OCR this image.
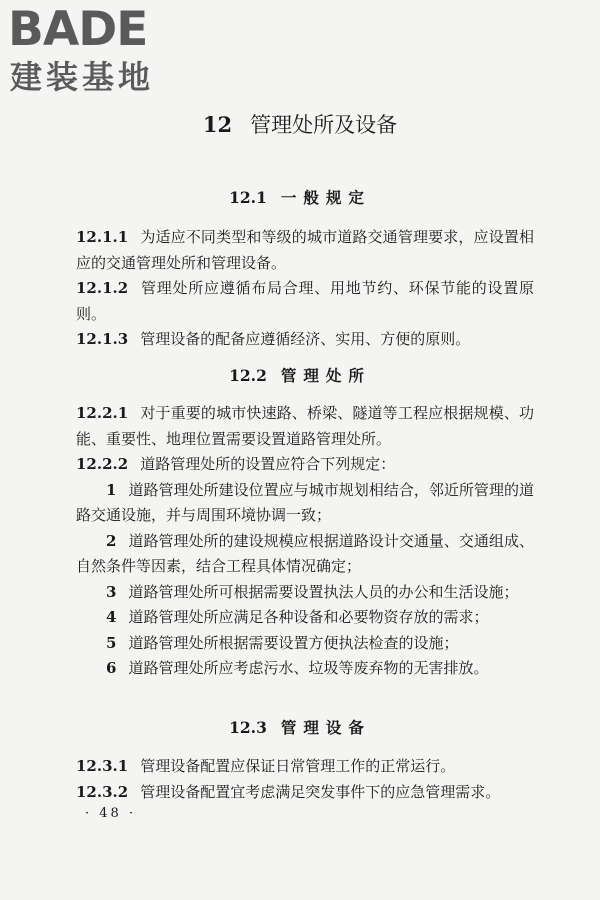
BADE
建装基地
12 管理处所及设备
12.1 一般规定

12.1.1 为适应不同类型和等级的城市道路交通管理要求，应设置相应的交通管理处所和管理设备。

12.1.2 管理处所应遵循布局合理、用地节约、环保节能的设置原则。

12.1.3 管理设备的配备应遵循经济、实用、方便的原则。

12.2 管理处所

12.2.1 对于重要的城市快速路、桥梁、隧道等工程应根据规模、功能、重要性、地理位置需要设置道路管理处所。

12.2.2 道路管理处所的设置应符合下列规定：

1 道路管理处所建设位置应与城市规划相结合，邻近所管理的道路交通设施，并与周围环境协调一致；

2 道路管理处所的建设规模应根据道路设计交通量、交通组成、自然条件等因素，结合工程具体情况确定；

3 道路管理处所可根据需要设置执法人员的办公和生活设施；

4 道路管理处所应满足各种设备和必要物资存放的需求；

5 道路管理处所根据需要设置方便执法检查的设施；

6 道路管理处所应考虑污水、垃圾等废弃物的无害排放。

12.3 管理设备

12.3.1 管理设备配置应保证日常管理工作的正常运行。

12.3.2 管理设备配置宜考虑满足突发事件下的应急管理需求。

· 48 ·
